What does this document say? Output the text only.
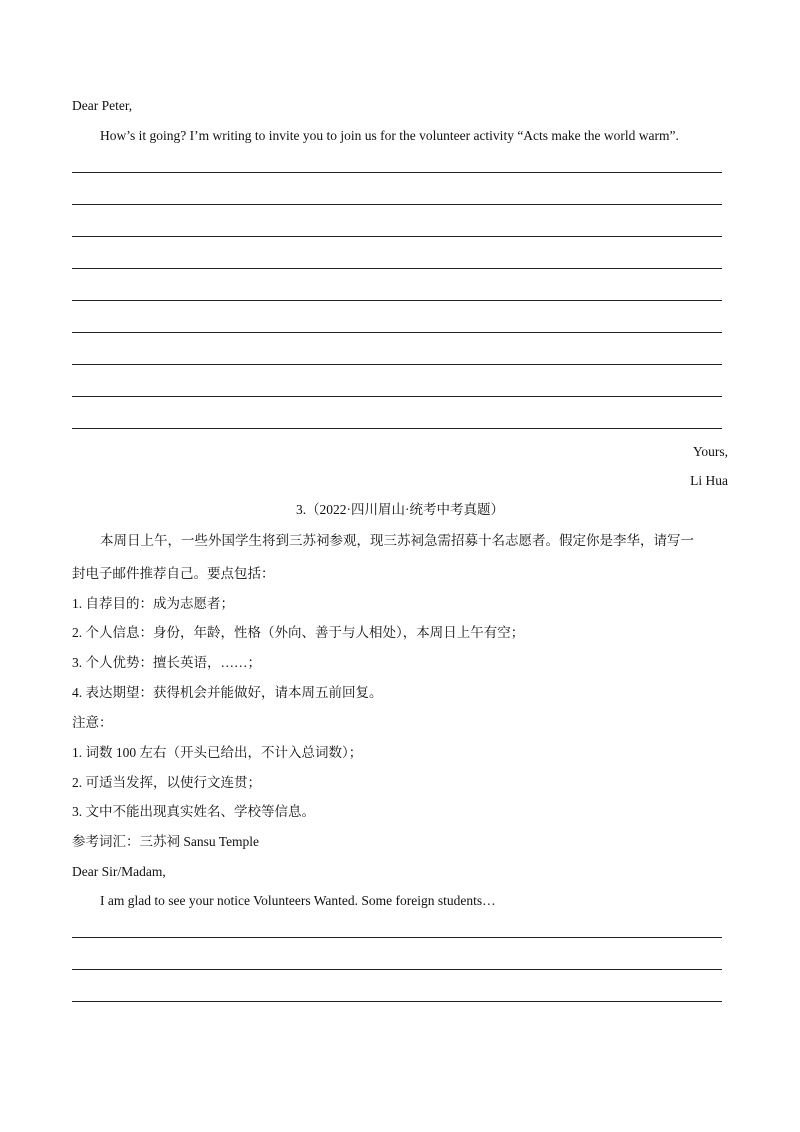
Dear Peter,
How’s it going? I’m writing to invite you to join us for the volunteer activity “Acts make the world warm”.
Yours,
Li Hua
3.（2022·四川眉山·统考中考真题）
本周日上午，一些外国学生将到三苏祠参观，现三苏祠急需招募十名志愿者。假定你是李华，请写一
封电子邮件推荐自己。要点包括：
1. 自荐目的：成为志愿者；
2. 个人信息：身份，年龄，性格（外向、善于与人相处），本周日上午有空；
3. 个人优势：擅长英语，……；
4. 表达期望：获得机会并能做好，请本周五前回复。
注意：
1. 词数 100 左右（开头已给出，不计入总词数）；
2. 可适当发挥，以使行文连贯；
3. 文中不能出现真实姓名、学校等信息。
参考词汇：三苏祠 Sansu Temple
Dear Sir/Madam,
I am glad to see your notice Volunteers Wanted. Some foreign students…
